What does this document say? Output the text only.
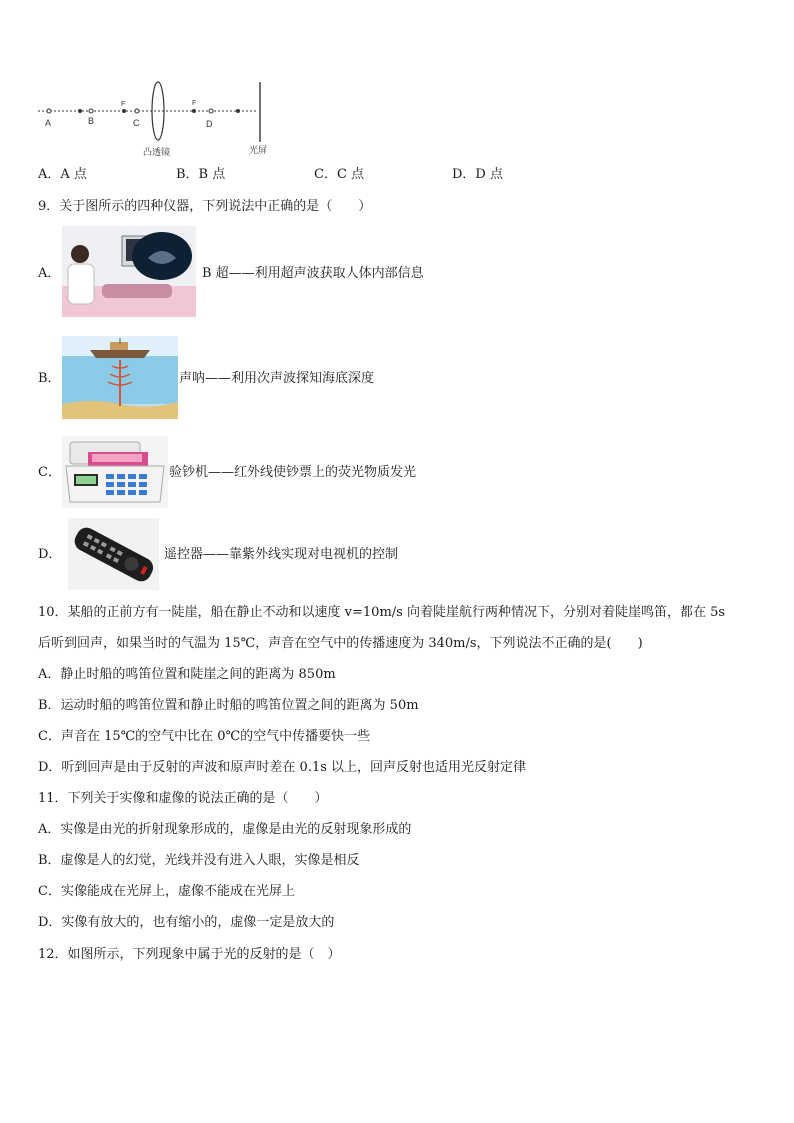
A	B	C	D
F	F
凸透镜	光屏
A．A 点	B．B 点	C．C 点	D．D 点
9．关于图所示的四种仪器，下列说法中正确的是（　　）
A．	B 超——利用超声波获取人体内部信息
B．	声呐——利用次声波探知海底深度
C．	验钞机——红外线使钞票上的荧光物质发光
D．	遥控器——靠紫外线实现对电视机的控制
10．某船的正前方有一陡崖，船在静止不动和以速度 v=10m/s 向着陡崖航行两种情况下，分别对着陡崖鸣笛，都在 5s
后听到回声，如果当时的气温为 15℃，声音在空气中的传播速度为 340m/s，下列说法不正确的是(　　)
A．静止时船的鸣笛位置和陡崖之间的距离为 850m
B．运动时船的鸣笛位置和静止时船的鸣笛位置之间的距离为 50m
C．声音在 15℃的空气中比在 0℃的空气中传播要快一些
D．听到回声是由于反射的声波和原声时差在 0.1s 以上，回声反射也适用光反射定律
11．下列关于实像和虚像的说法正确的是（　　）
A．实像是由光的折射现象形成的，虚像是由光的反射现象形成的
B．虚像是人的幻觉，光线并没有进入人眼，实像是相反
C．实像能成在光屏上，虚像不能成在光屏上
D．实像有放大的，也有缩小的，虚像一定是放大的
12．如图所示，下列现象中属于光的反射的是（　）
